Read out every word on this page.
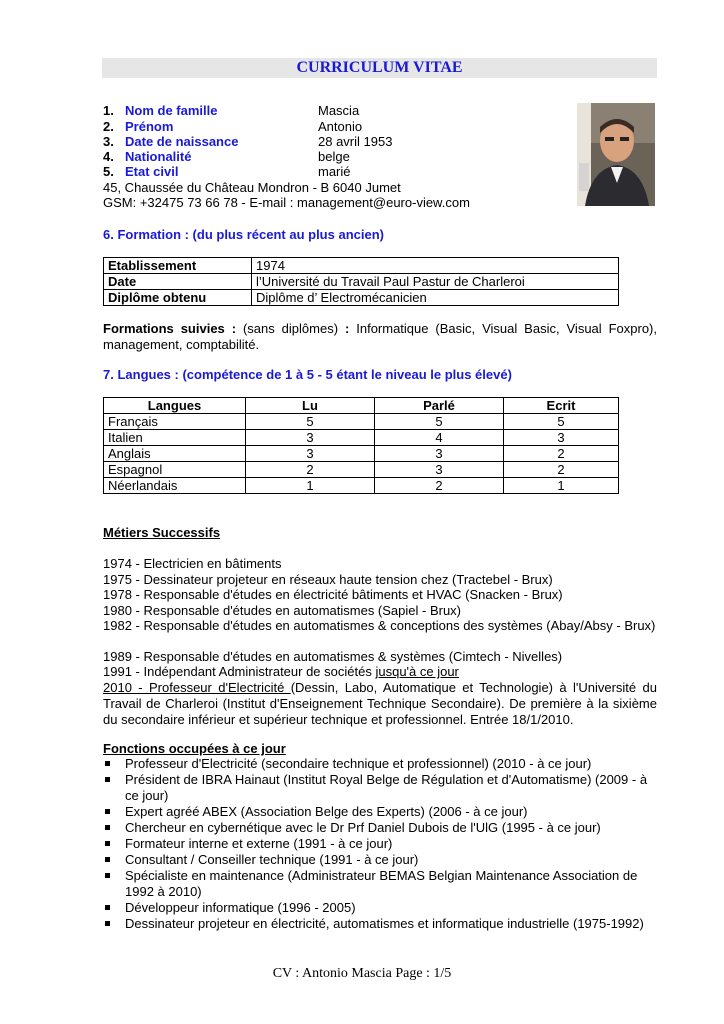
CURRICULUM VITAE
1. Nom de famille	Mascia
2. Prénom	Antonio
3. Date de naissance	28 avril 1953
4. Nationalité	belge
5. Etat civil	marié
45, Chaussée du Château Mondron - B 6040 Jumet
GSM: +32475 73 66 78 - E-mail : management@euro-view.com
6. Formation : (du plus récent au plus ancien)
Etablissement	1974
Date	l’Université du Travail Paul Pastur de Charleroi
Diplôme obtenu	Diplôme d’ Electromécanicien
Formations suivies : (sans diplômes) : Informatique (Basic, Visual Basic, Visual Foxpro), management, comptabilité.
7. Langues : (compétence de 1 à 5 - 5 étant le niveau le plus élevé)
Langues	Lu	Parlé	Ecrit
Français	5	5	5
Italien	3	4	3
Anglais	3	3	2
Espagnol	2	3	2
Néerlandais	1	2	1
Métiers Successifs
1974 - Electricien en bâtiments
1975 - Dessinateur projeteur en réseaux haute tension chez (Tractebel - Brux)
1978 - Responsable d'études en électricité bâtiments et HVAC (Snacken - Brux)
1980 - Responsable d'études en automatismes (Sapiel - Brux)
1982 - Responsable d'études en automatismes & conceptions des systèmes (Abay/Absy - Brux)
1989 - Responsable d'études en automatismes & systèmes (Cimtech - Nivelles)
1991 - Indépendant Administrateur de sociétés jusqu'à ce jour
2010 - Professeur d'Electricité (Dessin, Labo, Automatique et Technologie) à l'Université du Travail de Charleroi (Institut d'Enseignement Technique Secondaire). De première à la sixième du secondaire inférieur et supérieur technique et professionnel. Entrée 18/1/2010.
Fonctions occupées à ce jour
Professeur d'Electricité (secondaire technique et professionnel) (2010 - à ce jour)
Président de IBRA Hainaut (Institut Royal Belge de Régulation et d'Automatisme) (2009 - à ce jour)
Expert agréé ABEX (Association Belge des Experts) (2006 - à ce jour)
Chercheur en cybernétique avec le Dr Prf Daniel Dubois de l'UlG (1995 - à ce jour)
Formateur interne et externe (1991 - à ce jour)
Consultant / Conseiller technique (1991 - à ce jour)
Spécialiste en maintenance (Administrateur BEMAS Belgian Maintenance Association de 1992 à 2010)
Développeur informatique (1996 - 2005)
Dessinateur projeteur en électricité, automatismes et informatique industrielle (1975-1992)
CV : Antonio Mascia Page : 1/5
